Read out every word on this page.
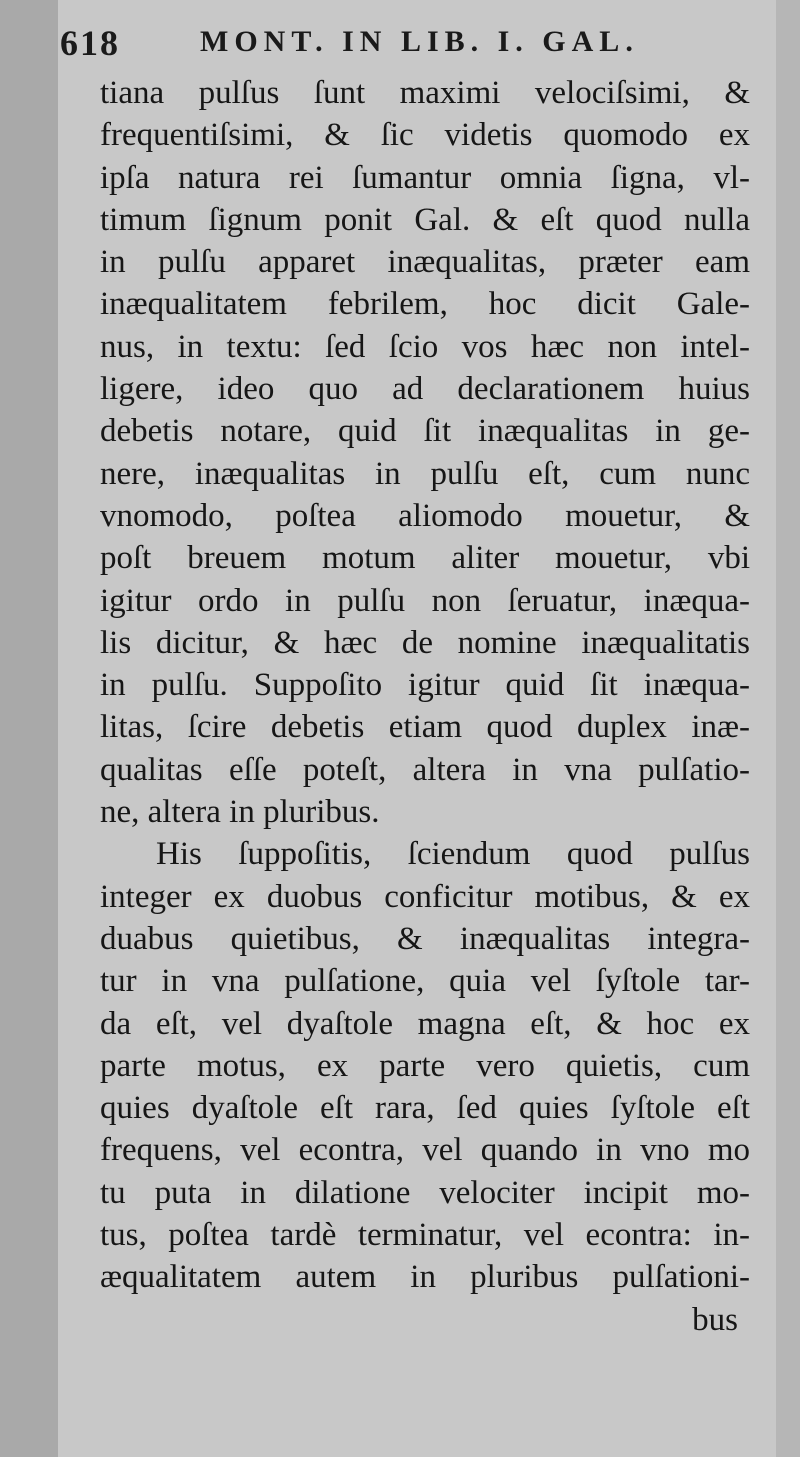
618	MONT. IN LIB. I. GAL.
tiana pulſus ſunt maximi velociſsimi, &
frequentiſsimi, & ſic videtis quomodo ex
ipſa natura rei ſumantur omnia ſigna, vl-
timum ſignum ponit Gal. & eſt quod nulla
in pulſu apparet inæqualitas, præter eam
inæqualitatem febrilem, hoc dicit Gale-
nus, in textu: ſed ſcio vos hæc non intel-
ligere, ideo quo ad declarationem huius
debetis notare, quid ſit inæqualitas in ge-
nere, inæqualitas in pulſu eſt, cum nunc
vnomodo, poſtea aliomodo mouetur, &
poſt breuem motum aliter mouetur, vbi
igitur ordo in pulſu non ſeruatur, inæqua-
lis dicitur, & hæc de nomine inæqualitatis
in pulſu. Suppoſito igitur quid ſit inæqua-
litas, ſcire debetis etiam quod duplex inæ-
qualitas eſſe poteſt, altera in vna pulſatio-
ne, altera in pluribus.
His ſuppoſitis, ſciendum quod pulſus
integer ex duobus conficitur motibus, & ex
duabus quietibus, & inæqualitas integra-
tur in vna pulſatione, quia vel ſyſtole tar-
da eſt, vel dyaſtole magna eſt, & hoc ex
parte motus, ex parte vero quietis, cum
quies dyaſtole eſt rara, ſed quies ſyſtole eſt
frequens, vel econtra, vel quando in vno mo
tu puta in dilatione velociter incipit mo-
tus, poſtea tardè terminatur, vel econtra: in-
æqualitatem autem in pluribus pulſationi-
bus
